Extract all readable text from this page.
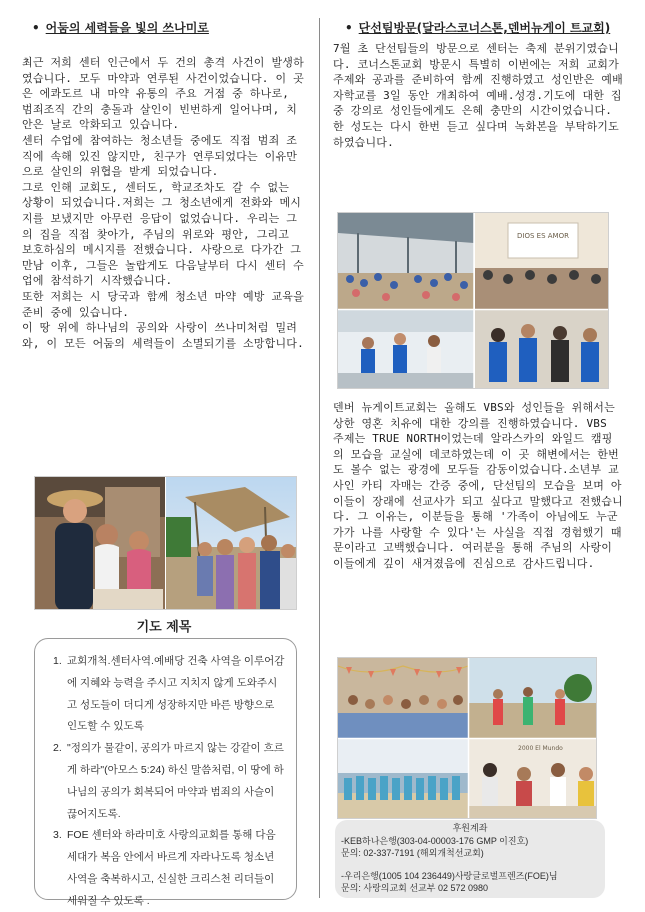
• 어둠의 세력들을 빛의 쓰나미로
최근 저희 센터 인근에서 두 건의 총격 사건이 발생하였습니다. 모두 마약과 연루된 사건이었습니다. 이 곳은 에콰도르 내 마약 유통의 주요 거점 중 하나로, 범죄조직 간의 충돌과 살인이 빈번하게 일어나며, 치안은 날로 악화되고 있습니다.
센터 수업에 참여하는 청소년들 중에도 직접 범죄 조직에 속해 있진 않지만, 친구가 연루되었다는 이유만으로 살인의 위협을 받게 되었습니다.
그로 인해 교회도, 센터도, 학교조차도 갈 수 없는 상황이 되었습니다.저희는 그 청소년에게 전화와 메시지를 보냈지만 아무런 응답이 없었습니다. 우리는 그의 집을 직접 찾아가, 주님의 위로와 평안, 그리고 보호하심의 메시지를 전했습니다. 사랑으로 다가간 그 만남 이후, 그들은 놀랍게도 다음날부터 다시 센터 수업에 참석하기 시작했습니다.
또한 저희는 시 당국과 함께 청소년 마약 예방 교육을 준비 중에 있습니다.
이 땅 위에 하나님의 공의와 사랑이 쓰나미처럼 밀려와, 이 모든 어둠의 세력들이 소멸되기를 소망합니다.
기도 제목
1. 교회개척.센터사역.예배당 건축 사역을 이루어감에 지혜와 능력을 주시고 지치지 않게 도와주시고 성도들이 더디게 성장하지만 바른 방향으로 인도할 수 있도록
2. "정의가 물같이, 공의가 마르지 않는 강같이 흐르게 하라"(아모스 5:24) 하신 말씀처럼, 이 땅에 하나님의 공의가 회복되어 마약과 범죄의 사슬이 끊어지도록.
3. FOE 센터와 하라미호 사랑의교회를 통해 다음 세대가 복음 안에서 바르게 자라나도록 청소년 사역을 축복하시고, 신실한 크리스천 리더들이 세워질 수 있도록 .
• 단선팀방문(달라스코너스톤,덴버뉴게이 트교회)
7월 초 단선팀들의 방문으로 센터는 축제 분위기였습니다. 코너스톤교회 방문시 특별히 이번에는 저희 교회가 주제와 공과를 준비하여 함께 진행하였고 성인반은 예배자학교를 3일 동안 개최하여 예배.성경.기도에 대한 집중 강의로 성인들에게도 은혜 충만의 시간이었습니다. 한 성도는 다시 한번 듣고 싶다며 녹화본을 부탁하기도 하였습니다.
DIOS ES AMOR
덴버 뉴게이트교회는 올해도 VBS와 성인들을 위해서는 상한 영혼 치유에 대한 강의를 진행하였습니다. VBS 주제는 TRUE NORTH이었는데 알라스카의 와일드 캠핑의 모습을 교실에 데코하였는데 이 곳 해변에서는 한번도 볼수 없는 광경에 모두들 감동이었습니다.소년부 교사인 카티 자매는 간증 중에, 단선팀의 모습을 보며 아이들이 장래에 선교사가 되고 싶다고 말했다고 전했습니다. 그 이유는, 이분들을 통해 '가족이 아님에도 누군가가 나를 사랑할 수 있다'는 사실을 직접 경험했기 때문이라고 고백했습니다. 여러분을 통해 주님의 사랑이 이들에게 깊이 새겨졌음에 진심으로 감사드립니다.
2000 El Mundo
후원계좌
-KEB하나은행(303-04-00003-176 GMP 이진호)
문의: 02-337-7191 (해외개척선교회)
-우리은행(1005 104 236449)사랑글로벌프렌즈(FOE)님
문의: 사랑의교회 선교부 02 572 0980
